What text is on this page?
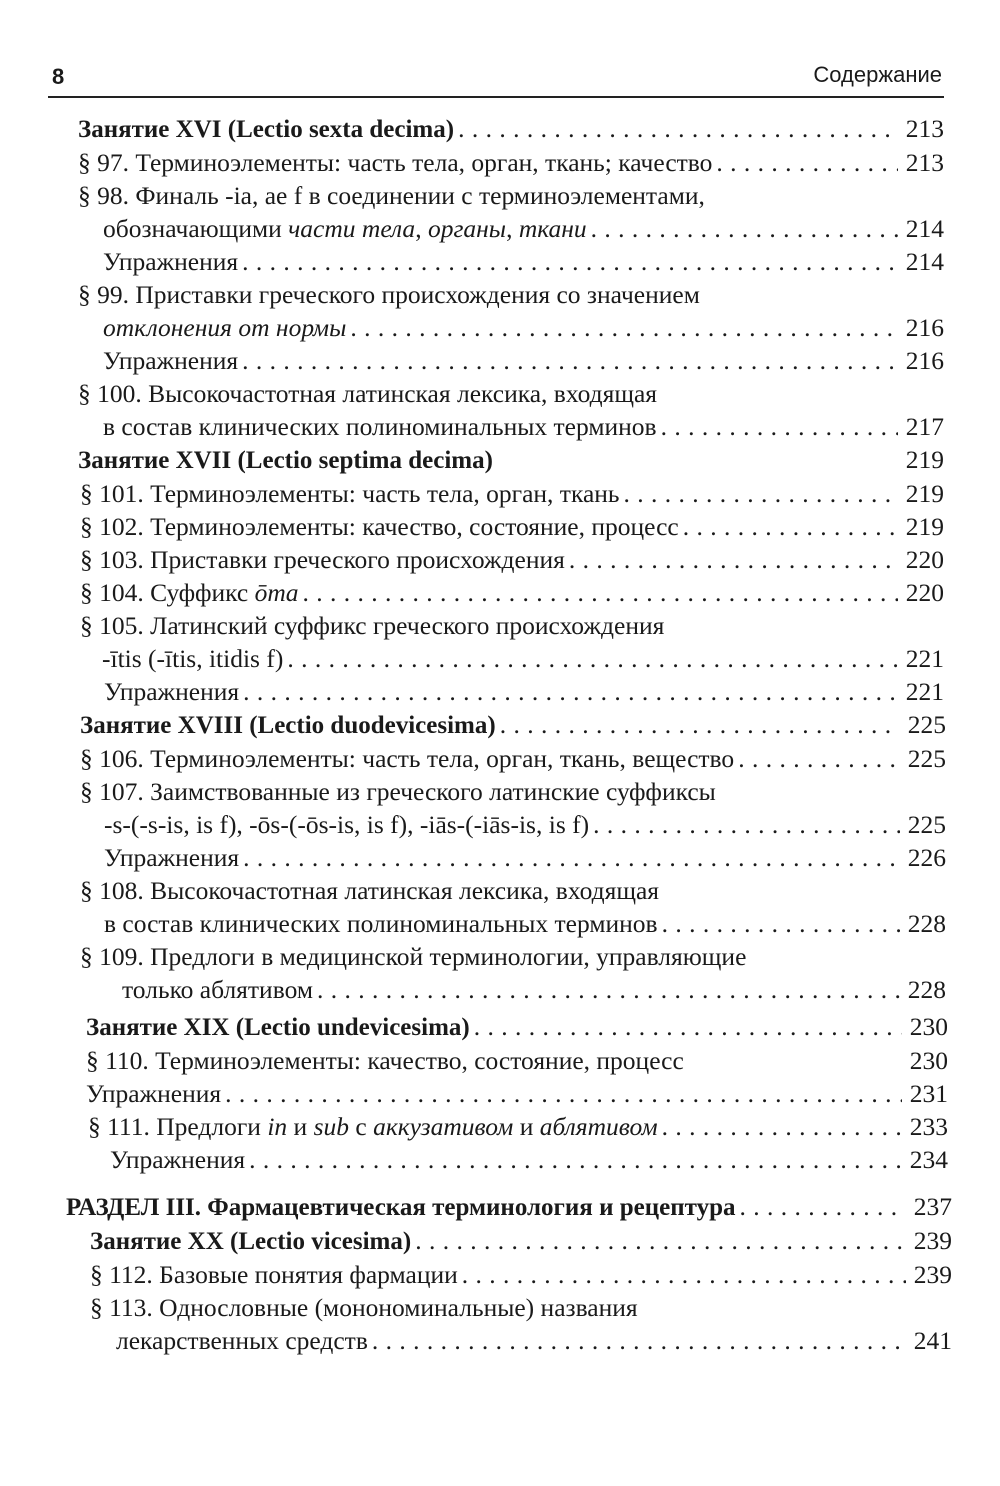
8	Содержание
Занятие XVI (Lectio sexta decima) . . .	213
§ 97. Терминоэлементы: часть тела, орган, ткань; качество . . .	213
§ 98. Финаль -ia, ae f в соединении с терминоэлементами,
обозначающими части тела, органы, ткани . . .	214
Упражнения . . .	214
§ 99. Приставки греческого происхождения со значением
отклонения от нормы . . .	216
Упражнения . . .	216
§ 100. Высокочастотная латинская лексика, входящая
в состав клинических полиноминальных терминов . . .	217
Занятие XVII (Lectio septima decima)	219
§ 101. Терминоэлементы: часть тела, орган, ткань . . .	219
§ 102. Терминоэлементы: качество, состояние, процесс . . .	219
§ 103. Приставки греческого происхождения . . .	220
§ 104. Суффикс ōma . . .	220
§ 105. Латинский суффикс греческого происхождения
-ītis (-ītis, itidis f) . . .	221
Упражнения . . .	221
Занятие XVIII (Lectio duodevicesima) . . .	225
§ 106. Терминоэлементы: часть тела, орган, ткань, вещество . . .	225
§ 107. Заимствованные из греческого латинские суффиксы
-s-(-s-is, is f), -ōs-(-ōs-is, is f), -iās-(-iās-is, is f) . . .	225
Упражнения . . .	226
§ 108. Высокочастотная латинская лексика, входящая
в состав клинических полиноминальных терминов . . .	228
§ 109. Предлоги в медицинской терминологии, управляющие
только аблятивом . . .	228
Занятие XIX (Lectio undevicesima) . . .	230
§ 110. Терминоэлементы: качество, состояние, процесс	230
Упражнения . . .	231
§ 111. Предлоги in и sub с аккузативом и аблятивом . . .	233
Упражнения . . .	234
РАЗДЕЛ III. Фармацевтическая терминология и рецептура . . .	237
Занятие XX (Lectio vicesima) . . .	239
§ 112. Базовые понятия фармации . . .	239
§ 113. Однословные (монономинальные) названия
лекарственных средств . . .	241
